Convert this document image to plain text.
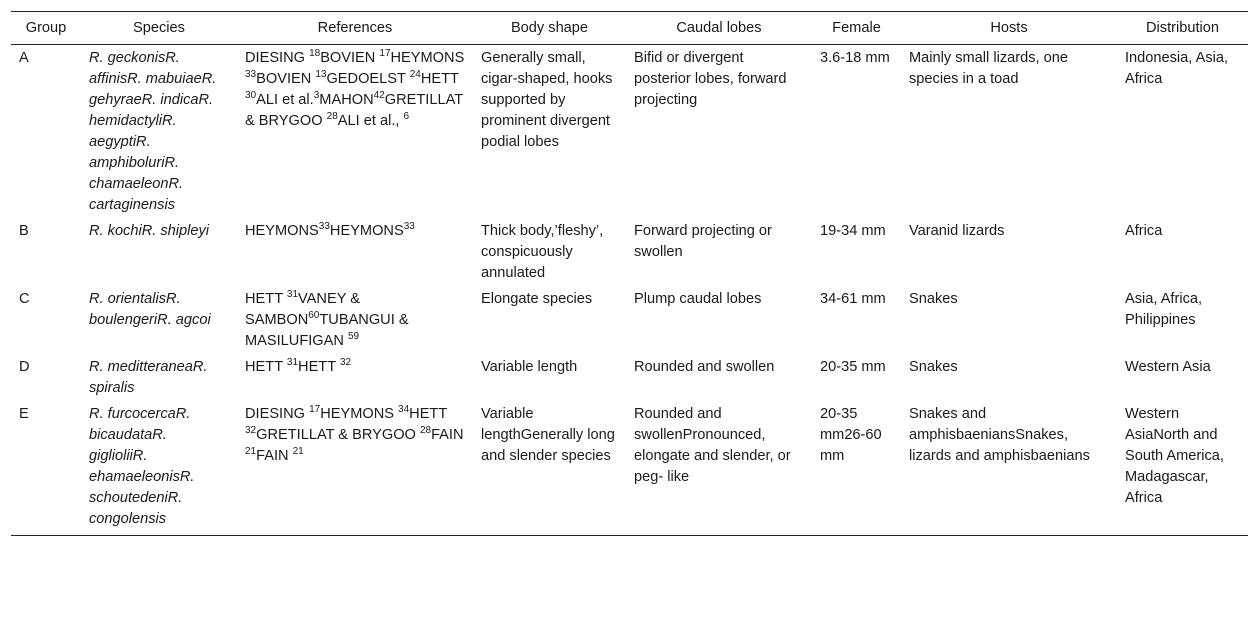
Group	Species	References	Body shape	Caudal lobes	Female	Hosts	Distribution
A	R. geckonisR. affinisR. mabuiaeR. gehyraeR. indicaR. hemidactyliR. aegyptiR. amphiboluriR. chamaeleonR. cartaginensis	DIESING $^{18}$BOVIEN $^{17}$HEYMONS $^{33}$BOVIEN $^{13}$GEDOELST $^{24}$HETT $^{30}$ALI et al.$^3$MAHON$^{42}$GRETILLAT & BRYGOO $^{28}$ALI et al., $^6$	Generally small, cigar-shaped, hooks supported by prominent divergent podial lobes	Bifid or divergent posterior lobes, forward projecting	3.6-18 mm	Mainly small lizards, one species in a toad	Indonesia, Asia, Africa
B	R. kochiR. shipleyi	HEYMONS$^{33}$HEYMONS$^{33}$	Thick body,’fleshy’, conspicuously annulated	Forward projecting or swollen	19-34 mm	Varanid lizards	Africa
C	R. orientalisR. boulengeriR. agcoi	HETT $^{31}$VANEY & SAMBON$^{60}$TUBANGUI & MASILUFIGAN $^{59}$	Elongate species	Plump caudal lobes	34-61 mm	Snakes	Asia, Africa, Philippines
D	R. meditteraneaR. spiralis	HETT $^{31}$HETT $^{32}$	Variable length	Rounded and swollen	20-35 mm	Snakes	Western Asia
E	R. furcocercaR. bicaudataR. giglioliiR. ehamaeleonisR. schoutedeniR. congolensis	DIESING $^{17}$HEYMONS $^{34}$HETT $^{32}$GRETILLAT & BRYGOO $^{28}$FAIN $^{21}$FAIN $^{21}$	Variable lengthGenerally long and slender species	Rounded and swollenPronounced, elongate and slender, or peg- like	20-35 mm26-60 mm	Snakes and amphisbaeniansSnakes, lizards and amphisbaenians	Western AsiaNorth and South America, Madagascar, Africa
